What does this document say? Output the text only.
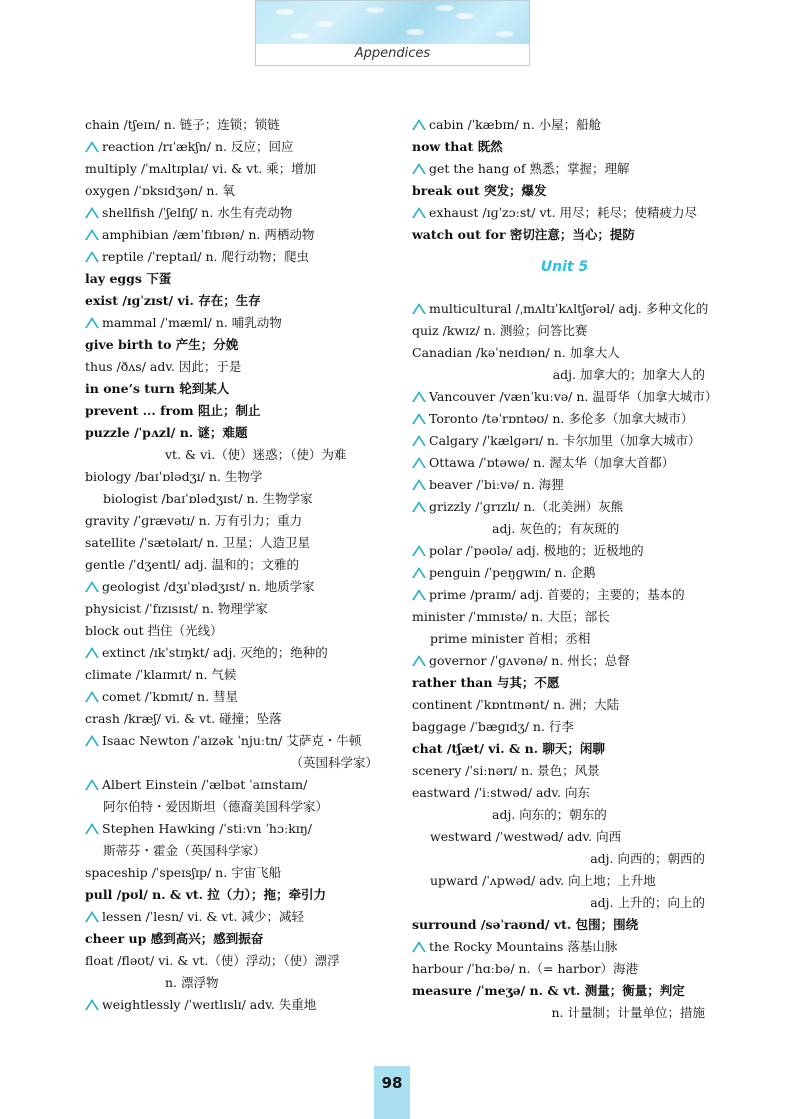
Appendices
chain /tʃeɪn/ n. 链子；连锁；锁链
reaction /rɪˈækʃn/ n. 反应；回应
multiply /ˈmʌltɪplaɪ/ vi. & vt. 乘；增加
oxygen /ˈɒksɪdʒən/ n. 氧
shellfish /ˈʃelfɪʃ/ n. 水生有壳动物
amphibian /æmˈfɪbɪən/ n. 两栖动物
reptile /ˈreptaɪl/ n. 爬行动物；爬虫
lay eggs 下蛋
exist /ɪɡˈzɪst/ vi. 存在；生存
mammal /ˈmæml/ n. 哺乳动物
give birth to 产生；分娩
thus /ðʌs/ adv. 因此；于是
in one’s turn 轮到某人
prevent ... from 阻止；制止
puzzle /ˈpʌzl/ n. 谜；难题
vt. & vi.（使）迷惑；（使）为难
biology /baɪˈɒlədʒɪ/ n. 生物学
biologist /baɪˈɒlədʒɪst/ n. 生物学家
gravity /ˈɡrævətɪ/ n. 万有引力；重力
satellite /ˈsætəlaɪt/ n. 卫星；人造卫星
gentle /ˈdʒentl/ adj. 温和的；文雅的
geologist /dʒɪˈɒlədʒɪst/ n. 地质学家
physicist /ˈfɪzɪsɪst/ n. 物理学家
block out 挡住（光线）
extinct /ɪkˈstɪŋkt/ adj. 灭绝的；绝种的
climate /ˈklaɪmɪt/ n. 气候
comet /ˈkɒmɪt/ n. 彗星
crash /kræʃ/ vi. & vt. 碰撞；坠落
Isaac Newton /ˈaɪzək ˈnjuːtn/ 艾萨克・牛顿
（英国科学家）
Albert Einstein /ˈælbət ˈaɪnstaɪn/
阿尔伯特・爱因斯坦（德裔美国科学家）
Stephen Hawking /ˈstiːvn ˈhɔːkɪŋ/
斯蒂芬・霍金（英国科学家）
spaceship /ˈspeɪsʃɪp/ n. 宇宙飞船
pull /pʊl/ n. & vt. 拉（力）；拖；牵引力
lessen /ˈlesn/ vi. & vt. 减少；减轻
cheer up 感到高兴；感到振奋
float /fləʊt/ vi. & vt.（使）浮动；（使）漂浮
n. 漂浮物
weightlessly /ˈweɪtlɪslɪ/ adv. 失重地
cabin /ˈkæbɪn/ n. 小屋；船舱
now that 既然
get the hang of 熟悉；掌握；理解
break out 突发；爆发
exhaust /ɪɡˈzɔːst/ vt. 用尽；耗尽；使精疲力尽
watch out for 密切注意；当心；提防
Unit 5
multicultural /ˌmʌltɪˈkʌltʃərəl/ adj. 多种文化的
quiz /kwɪz/ n. 测验；问答比赛
Canadian /kəˈneɪdɪən/ n. 加拿大人
adj. 加拿大的；加拿大人的
Vancouver /vænˈkuːvə/ n. 温哥华（加拿大城市）
Toronto /təˈrɒntəʊ/ n. 多伦多（加拿大城市）
Calgary /ˈkælɡərɪ/ n. 卡尔加里（加拿大城市）
Ottawa /ˈɒtəwə/ n. 渥太华（加拿大首都）
beaver /ˈbiːvə/ n. 海狸
grizzly /ˈɡrɪzlɪ/ n.（北美洲）灰熊
adj. 灰色的；有灰斑的
polar /ˈpəʊlə/ adj. 极地的；近极地的
penguin /ˈpeŋɡwɪn/ n. 企鹅
prime /praɪm/ adj. 首要的；主要的；基本的
minister /ˈmɪnɪstə/ n. 大臣；部长
prime minister 首相；丞相
governor /ˈɡʌvənə/ n. 州长；总督
rather than 与其；不愿
continent /ˈkɒntɪnənt/ n. 洲；大陆
baggage /ˈbæɡɪdʒ/ n. 行李
chat /tʃæt/ vi. & n. 聊天；闲聊
scenery /ˈsiːnərɪ/ n. 景色；风景
eastward /ˈiːstwəd/ adv. 向东
adj. 向东的；朝东的
westward /ˈwestwəd/ adv. 向西
adj. 向西的；朝西的
upward /ˈʌpwəd/ adv. 向上地；上升地
adj. 上升的；向上的
surround /səˈraʊnd/ vt. 包围；围绕
the Rocky Mountains 落基山脉
harbour /ˈhɑːbə/ n.（= harbor）海港
measure /ˈmeʒə/ n. & vt. 测量；衡量；判定
n. 计量制；计量单位；措施
98
